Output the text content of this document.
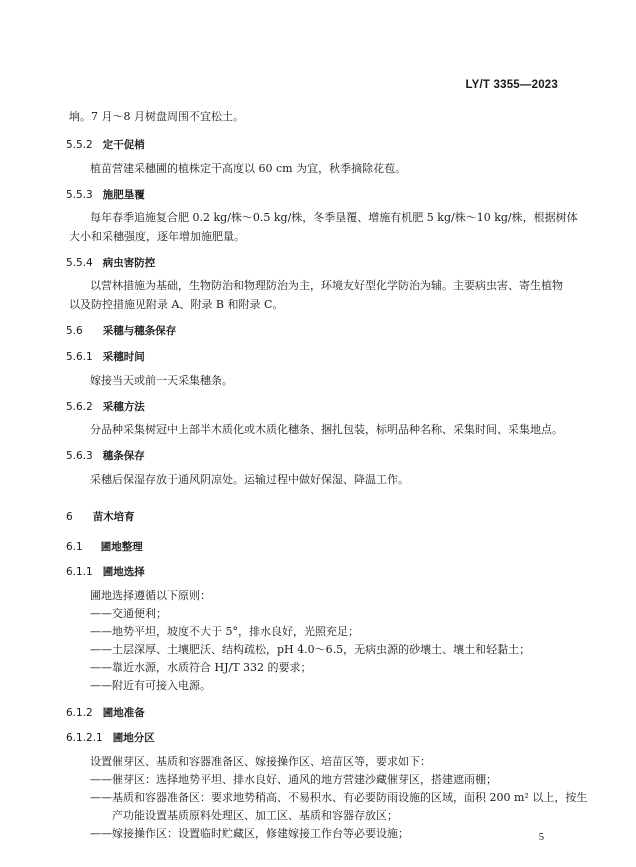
LY/T 3355—2023
垧。7 月～8 月树盘周围不宜松土。
5.5.2 定干促梢
植苗营建采穗圃的植株定干高度以 60 cm 为宜，秋季摘除花苞。
5.5.3 施肥垦覆
每年春季追施复合肥 0.2 kg/株～0.5 kg/株，冬季垦覆、增施有机肥 5 kg/株～10 kg/株，根据树体
大小和采穗强度，逐年增加施肥量。
5.5.4 病虫害防控
以营林措施为基础，生物防治和物理防治为主，环境友好型化学防治为辅。主要病虫害、寄生植物
以及防控措施见附录 A、附录 B 和附录 C。
5.6 采穗与穗条保存
5.6.1 采穗时间
嫁接当天或前一天采集穗条。
5.6.2 采穗方法
分品种采集树冠中上部半木质化或木质化穗条、捆扎包装，标明品种名称、采集时间、采集地点。
5.6.3 穗条保存
采穗后保湿存放于通风阴凉处。运输过程中做好保湿、降温工作。
6 苗木培育
6.1 圃地整理
6.1.1 圃地选择
圃地选择遵循以下原则：
——交通便利；
——地势平坦，坡度不大于 5°，排水良好，光照充足；
——土层深厚、土壤肥沃、结构疏松，pH 4.0～6.5，无病虫源的砂壤土、壤土和轻黏土；
——靠近水源，水质符合 HJ/T 332 的要求；
——附近有可接入电源。
6.1.2 圃地准备
6.1.2.1 圃地分区
设置催芽区、基质和容器准备区、嫁接操作区、培苗区等，要求如下：
——催芽区：选择地势平坦、排水良好、通风的地方营建沙藏催芽区，搭建遮雨棚；
——基质和容器准备区：要求地势稍高、不易积水、有必要防雨设施的区域，面积 200 m² 以上，按生
产功能设置基质原料处理区、加工区、基质和容器存放区；
——嫁接操作区：设置临时贮藏区，修建嫁接工作台等必要设施；	5
